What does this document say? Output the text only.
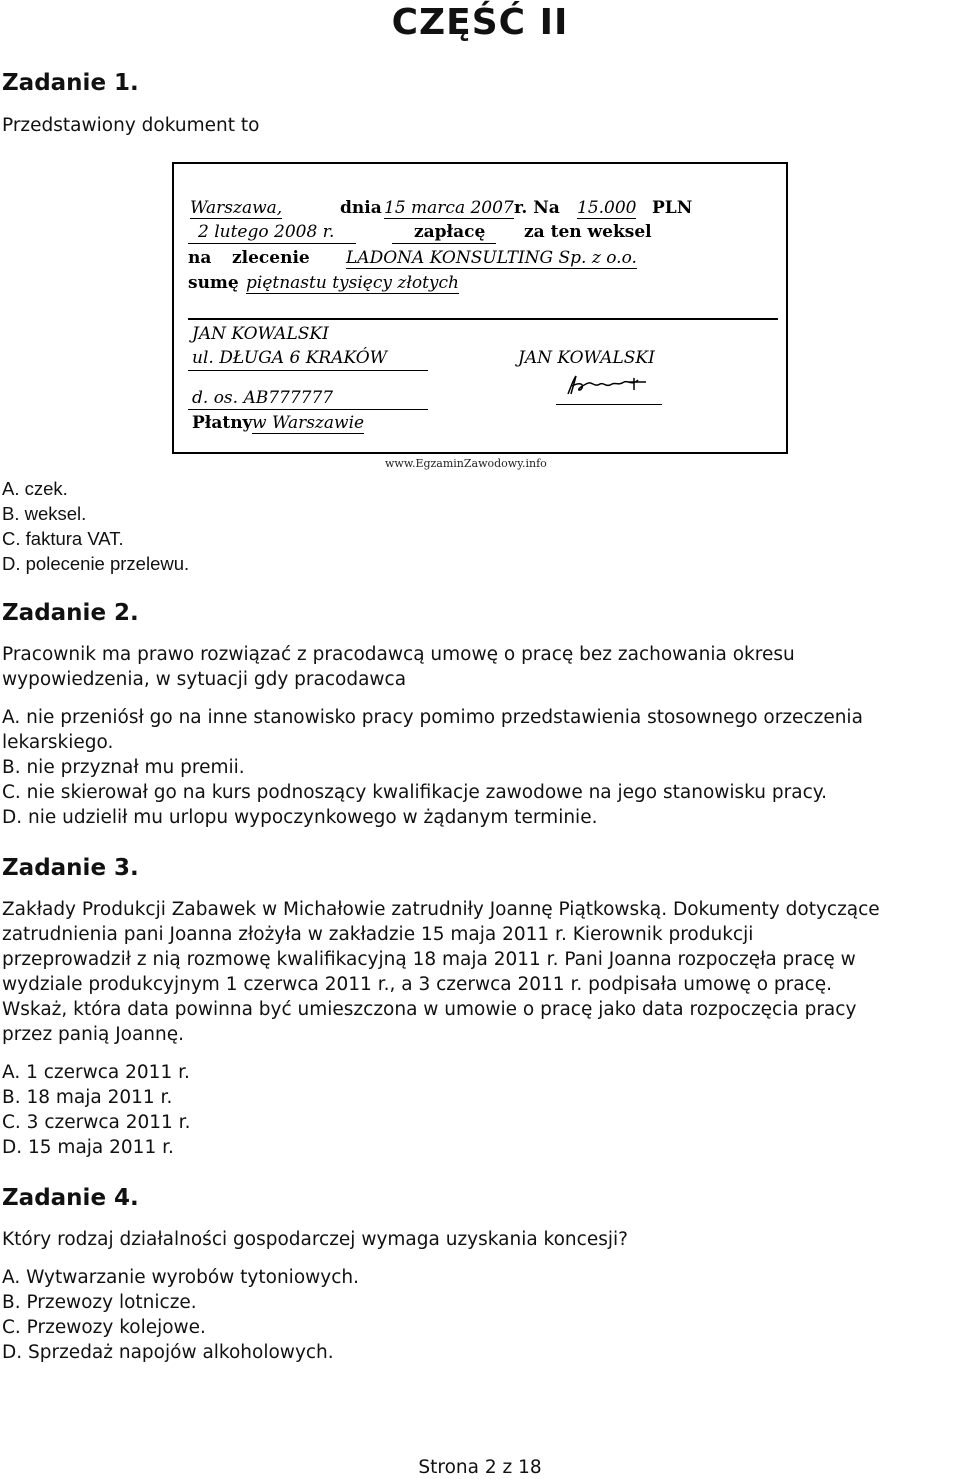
CZĘŚĆ II
Zadanie 1.
Przedstawiony dokument to
Warszawa,	dnia 15 marca 2007 r. Na 15.000 PLN
2 lutego 2008 r.	zapłacę za ten weksel
na zlecenie LADONA KONSULTING Sp. z o.o.
sumę piętnastu tysięcy złotych
JAN KOWALSKI
ul. DŁUGA 6 KRAKÓW	JAN KOWALSKI
d. os. AB777777
Płatny w Warszawie
www.EgzaminZawodowy.info
A. czek.
B. weksel.
C. faktura VAT.
D. polecenie przelewu.
Zadanie 2.
Pracownik ma prawo rozwiązać z pracodawcą umowę o pracę bez zachowania okresu
wypowiedzenia, w sytuacji gdy pracodawca
A. nie przeniósł go na inne stanowisko pracy pomimo przedstawienia stosownego orzeczenia
lekarskiego.
B. nie przyznał mu premii.
C. nie skierował go na kurs podnoszący kwalifikacje zawodowe na jego stanowisku pracy.
D. nie udzielił mu urlopu wypoczynkowego w żądanym terminie.
Zadanie 3.
Zakłady Produkcji Zabawek w Michałowie zatrudniły Joannę Piątkowską. Dokumenty dotyczące
zatrudnienia pani Joanna złożyła w zakładzie 15 maja 2011 r. Kierownik produkcji
przeprowadził z nią rozmowę kwalifikacyjną 18 maja 2011 r. Pani Joanna rozpoczęła pracę w
wydziale produkcyjnym 1 czerwca 2011 r., a 3 czerwca 2011 r. podpisała umowę o pracę.
Wskaż, która data powinna być umieszczona w umowie o pracę jako data rozpoczęcia pracy
przez panią Joannę.
A. 1 czerwca 2011 r.
B. 18 maja 2011 r.
C. 3 czerwca 2011 r.
D. 15 maja 2011 r.
Zadanie 4.
Który rodzaj działalności gospodarczej wymaga uzyskania koncesji?
A. Wytwarzanie wyrobów tytoniowych.
B. Przewozy lotnicze.
C. Przewozy kolejowe.
D. Sprzedaż napojów alkoholowych.
Strona 2 z 18
